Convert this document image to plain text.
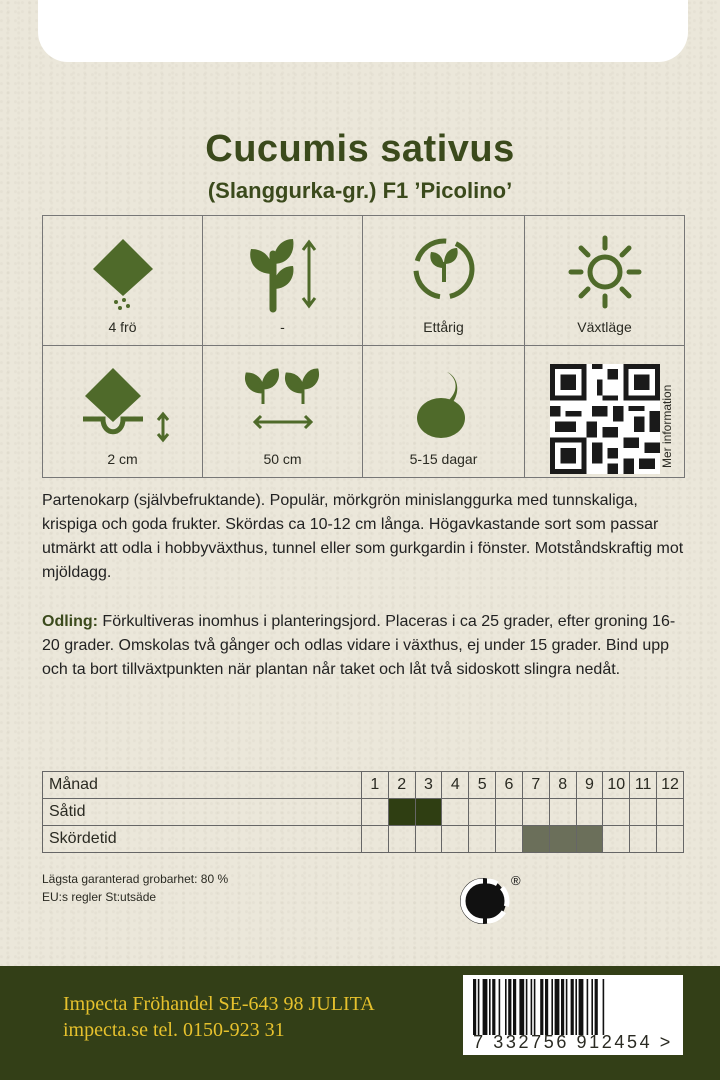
Cucumis sativus
(Slanggurka-gr.) F1 ’Picolino’
4 frö	-	Ettårig	Växtläge
2 cm	50 cm	5-15 dagar	Mer information
Partenokarp (självbefruktande). Populär, mörkgrön minislanggurka med tunnskaliga, krispiga och goda frukter. Skördas ca 10-12 cm långa. Högavkastande sort som passar utmärkt att odla i hobbyväxthus, tunnel eller som gurkgardin i fönster. Motståndskraftig mot mjöldagg.
Odling: Förkultiveras inomhus i planteringsjord. Placeras i ca 25 grader, efter groning 16-20 grader. Omskolas två gånger och odlas vidare i växthus, ej under 15 grader. Bind upp och ta bort tillväxtpunkten när plantan når taket och låt två sidoskott slingra nedåt.
Månad	1	2	3	4	5	6	7	8	9	10	11	12
Såtid												
Skördetid												
Lägsta garanterad grobarhet: 80 %
EU:s regler St:utsäde
®
Impecta Fröhandel SE-643 98 JULITA
impecta.se tel. 0150-923 31
7 332756 912454 >
